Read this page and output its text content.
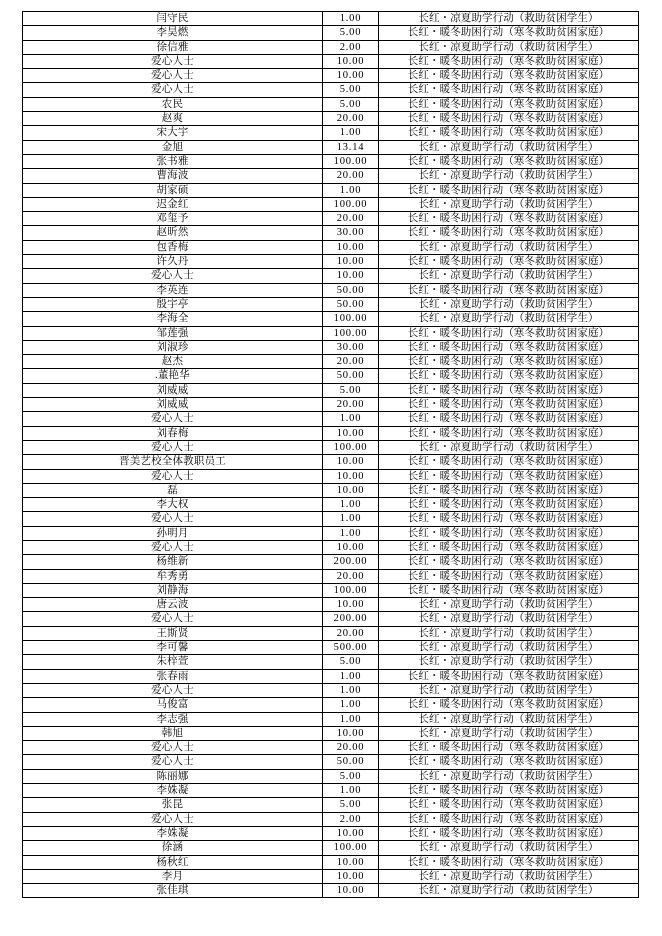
闫守民	1.00	长红・凉夏助学行动（救助贫困学生）
李昊燃	5.00	长红・暖冬助困行动（寒冬救助贫困家庭）
徐信雅	2.00	长红・凉夏助学行动（救助贫困学生）
爱心人士	10.00	长红・暖冬助困行动（寒冬救助贫困家庭）
爱心人士	10.00	长红・暖冬助困行动（寒冬救助贫困家庭）
爱心人士	5.00	长红・暖冬助困行动（寒冬救助贫困家庭）
农民	5.00	长红・暖冬助困行动（寒冬救助贫困家庭）
赵爽	20.00	长红・暖冬助困行动（寒冬救助贫困家庭）
宋大宇	1.00	长红・暖冬助困行动（寒冬救助贫困家庭）
金旭	13.14	长红・凉夏助学行动（救助贫困学生）
张书雅	100.00	长红・暖冬助困行动（寒冬救助贫困家庭）
曹海波	20.00	长红・凉夏助学行动（救助贫困学生）
胡家硕	1.00	长红・暖冬助困行动（寒冬救助贫困家庭）
迟金红	100.00	长红・凉夏助学行动（救助贫困学生）
邓玺予	20.00	长红・暖冬助困行动（寒冬救助贫困家庭）
赵昕然	30.00	长红・暖冬助困行动（寒冬救助贫困家庭）
包香梅	10.00	长红・凉夏助学行动（救助贫困学生）
许久丹	10.00	长红・暖冬助困行动（寒冬救助贫困家庭）
爱心人士	10.00	长红・凉夏助学行动（救助贫困学生）
李英连	50.00	长红・暖冬助困行动（寒冬救助贫困家庭）
殷宇亭	50.00	长红・凉夏助学行动（救助贫困学生）
李海全	100.00	长红・凉夏助学行动（救助贫困学生）
邹莲强	100.00	长红・暖冬助困行动（寒冬救助贫困家庭）
刘淑珍	30.00	长红・暖冬助困行动（寒冬救助贫困家庭）
赵杰	20.00	长红・暖冬助困行动（寒冬救助贫困家庭）
.董艳华	50.00	长红・暖冬助困行动（寒冬救助贫困家庭）
刘威威	5.00	长红・暖冬助困行动（寒冬救助贫困家庭）
刘威威	20.00	长红・暖冬助困行动（寒冬救助贫困家庭）
爱心人士	1.00	长红・暖冬助困行动（寒冬救助贫困家庭）
刘春梅	10.00	长红・暖冬助困行动（寒冬救助贫困家庭）
爱心人士	100.00	长红・凉夏助学行动（救助贫困学生）
晋美艺校全体教职员工	10.00	长红・暖冬助困行动（寒冬救助贫困家庭）
爱心人士	10.00	长红・暖冬助困行动（寒冬救助贫困家庭）
磊	10.00	长红・暖冬助困行动（寒冬救助贫困家庭）
李大权	1.00	长红・暖冬助困行动（寒冬救助贫困家庭）
爱心人士	1.00	长红・暖冬助困行动（寒冬救助贫困家庭）
孙明月	1.00	长红・暖冬助困行动（寒冬救助贫困家庭）
爱心人士	10.00	长红・暖冬助困行动（寒冬救助贫困家庭）
杨维新	200.00	长红・暖冬助困行动（寒冬救助贫困家庭）
牟秀勇	20.00	长红・暖冬助困行动（寒冬救助贫困家庭）
刘静海	100.00	长红・暖冬助困行动（寒冬救助贫困家庭）
唐云波	10.00	长红・凉夏助学行动（救助贫困学生）
爱心人士	200.00	长红・凉夏助学行动（救助贫困学生）
王斯贤	20.00	长红・凉夏助学行动（救助贫困学生）
李可馨	500.00	长红・凉夏助学行动（救助贫困学生）
朱梓萱	5.00	长红・凉夏助学行动（救助贫困学生）
张春雨	1.00	长红・暖冬助困行动（寒冬救助贫困家庭）
爱心人士	1.00	长红・凉夏助学行动（救助贫困学生）
马俊富	1.00	长红・暖冬助困行动（寒冬救助贫困家庭）
李志强	1.00	长红・凉夏助学行动（救助贫困学生）
韩旭	10.00	长红・凉夏助学行动（救助贫困学生）
爱心人士	20.00	长红・暖冬助困行动（寒冬救助贫困家庭）
爱心人士	50.00	长红・暖冬助困行动（寒冬救助贫困家庭）
陈丽娜	5.00	长红・凉夏助学行动（救助贫困学生）
李姝凝	1.00	长红・暖冬助困行动（寒冬救助贫困家庭）
张昆	5.00	长红・暖冬助困行动（寒冬救助贫困家庭）
爱心人士	2.00	长红・暖冬助困行动（寒冬救助贫困家庭）
李姝凝	10.00	长红・暖冬助困行动（寒冬救助贫困家庭）
徐涵	100.00	长红・凉夏助学行动（救助贫困学生）
杨秋红	10.00	长红・暖冬助困行动（寒冬救助贫困家庭）
李月	10.00	长红・凉夏助学行动（救助贫困学生）
张佳琪	10.00	长红・凉夏助学行动（救助贫困学生）
